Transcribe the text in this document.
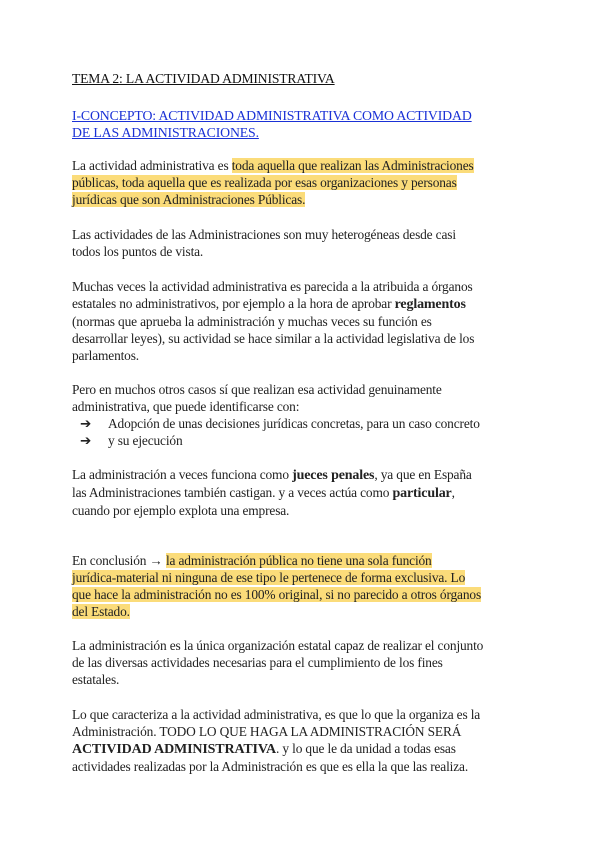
TEMA 2: LA ACTIVIDAD ADMINISTRATIVA
I-CONCEPTO: ACTIVIDAD ADMINISTRATIVA COMO ACTIVIDAD
DE LAS ADMINISTRACIONES.
La actividad administrativa es toda aquella que realizan las Administraciones
públicas, toda aquella que es realizada por esas organizaciones y personas
jurídicas que son Administraciones Públicas.
Las actividades de las Administraciones son muy heterogéneas desde casi
todos los puntos de vista.
Muchas veces la actividad administrativa es parecida a la atribuida a órganos
estatales no administrativos, por ejemplo a la hora de aprobar reglamentos
(normas que aprueba la administración y muchas veces su función es
desarrollar leyes), su actividad se hace similar a la actividad legislativa de los
parlamentos.
Pero en muchos otros casos sí que realizan esa actividad genuinamente
administrativa, que puede identificarse con:
➔ Adopción de unas decisiones jurídicas concretas, para un caso concreto
➔ y su ejecución
La administración a veces funciona como jueces penales, ya que en España
las Administraciones también castigan. y a veces actúa como particular,
cuando por ejemplo explota una empresa.
En conclusión → la administración pública no tiene una sola función
jurídica-material ni ninguna de ese tipo le pertenece de forma exclusiva. Lo
que hace la administración no es 100% original, si no parecido a otros órganos
del Estado.
La administración es la única organización estatal capaz de realizar el conjunto
de las diversas actividades necesarias para el cumplimiento de los fines
estatales.
Lo que caracteriza a la actividad administrativa, es que lo que la organiza es la
Administración. TODO LO QUE HAGA LA ADMINISTRACIÓN SERÁ
ACTIVIDAD ADMINISTRATIVA. y lo que le da unidad a todas esas
actividades realizadas por la Administración es que es ella la que las realiza.
